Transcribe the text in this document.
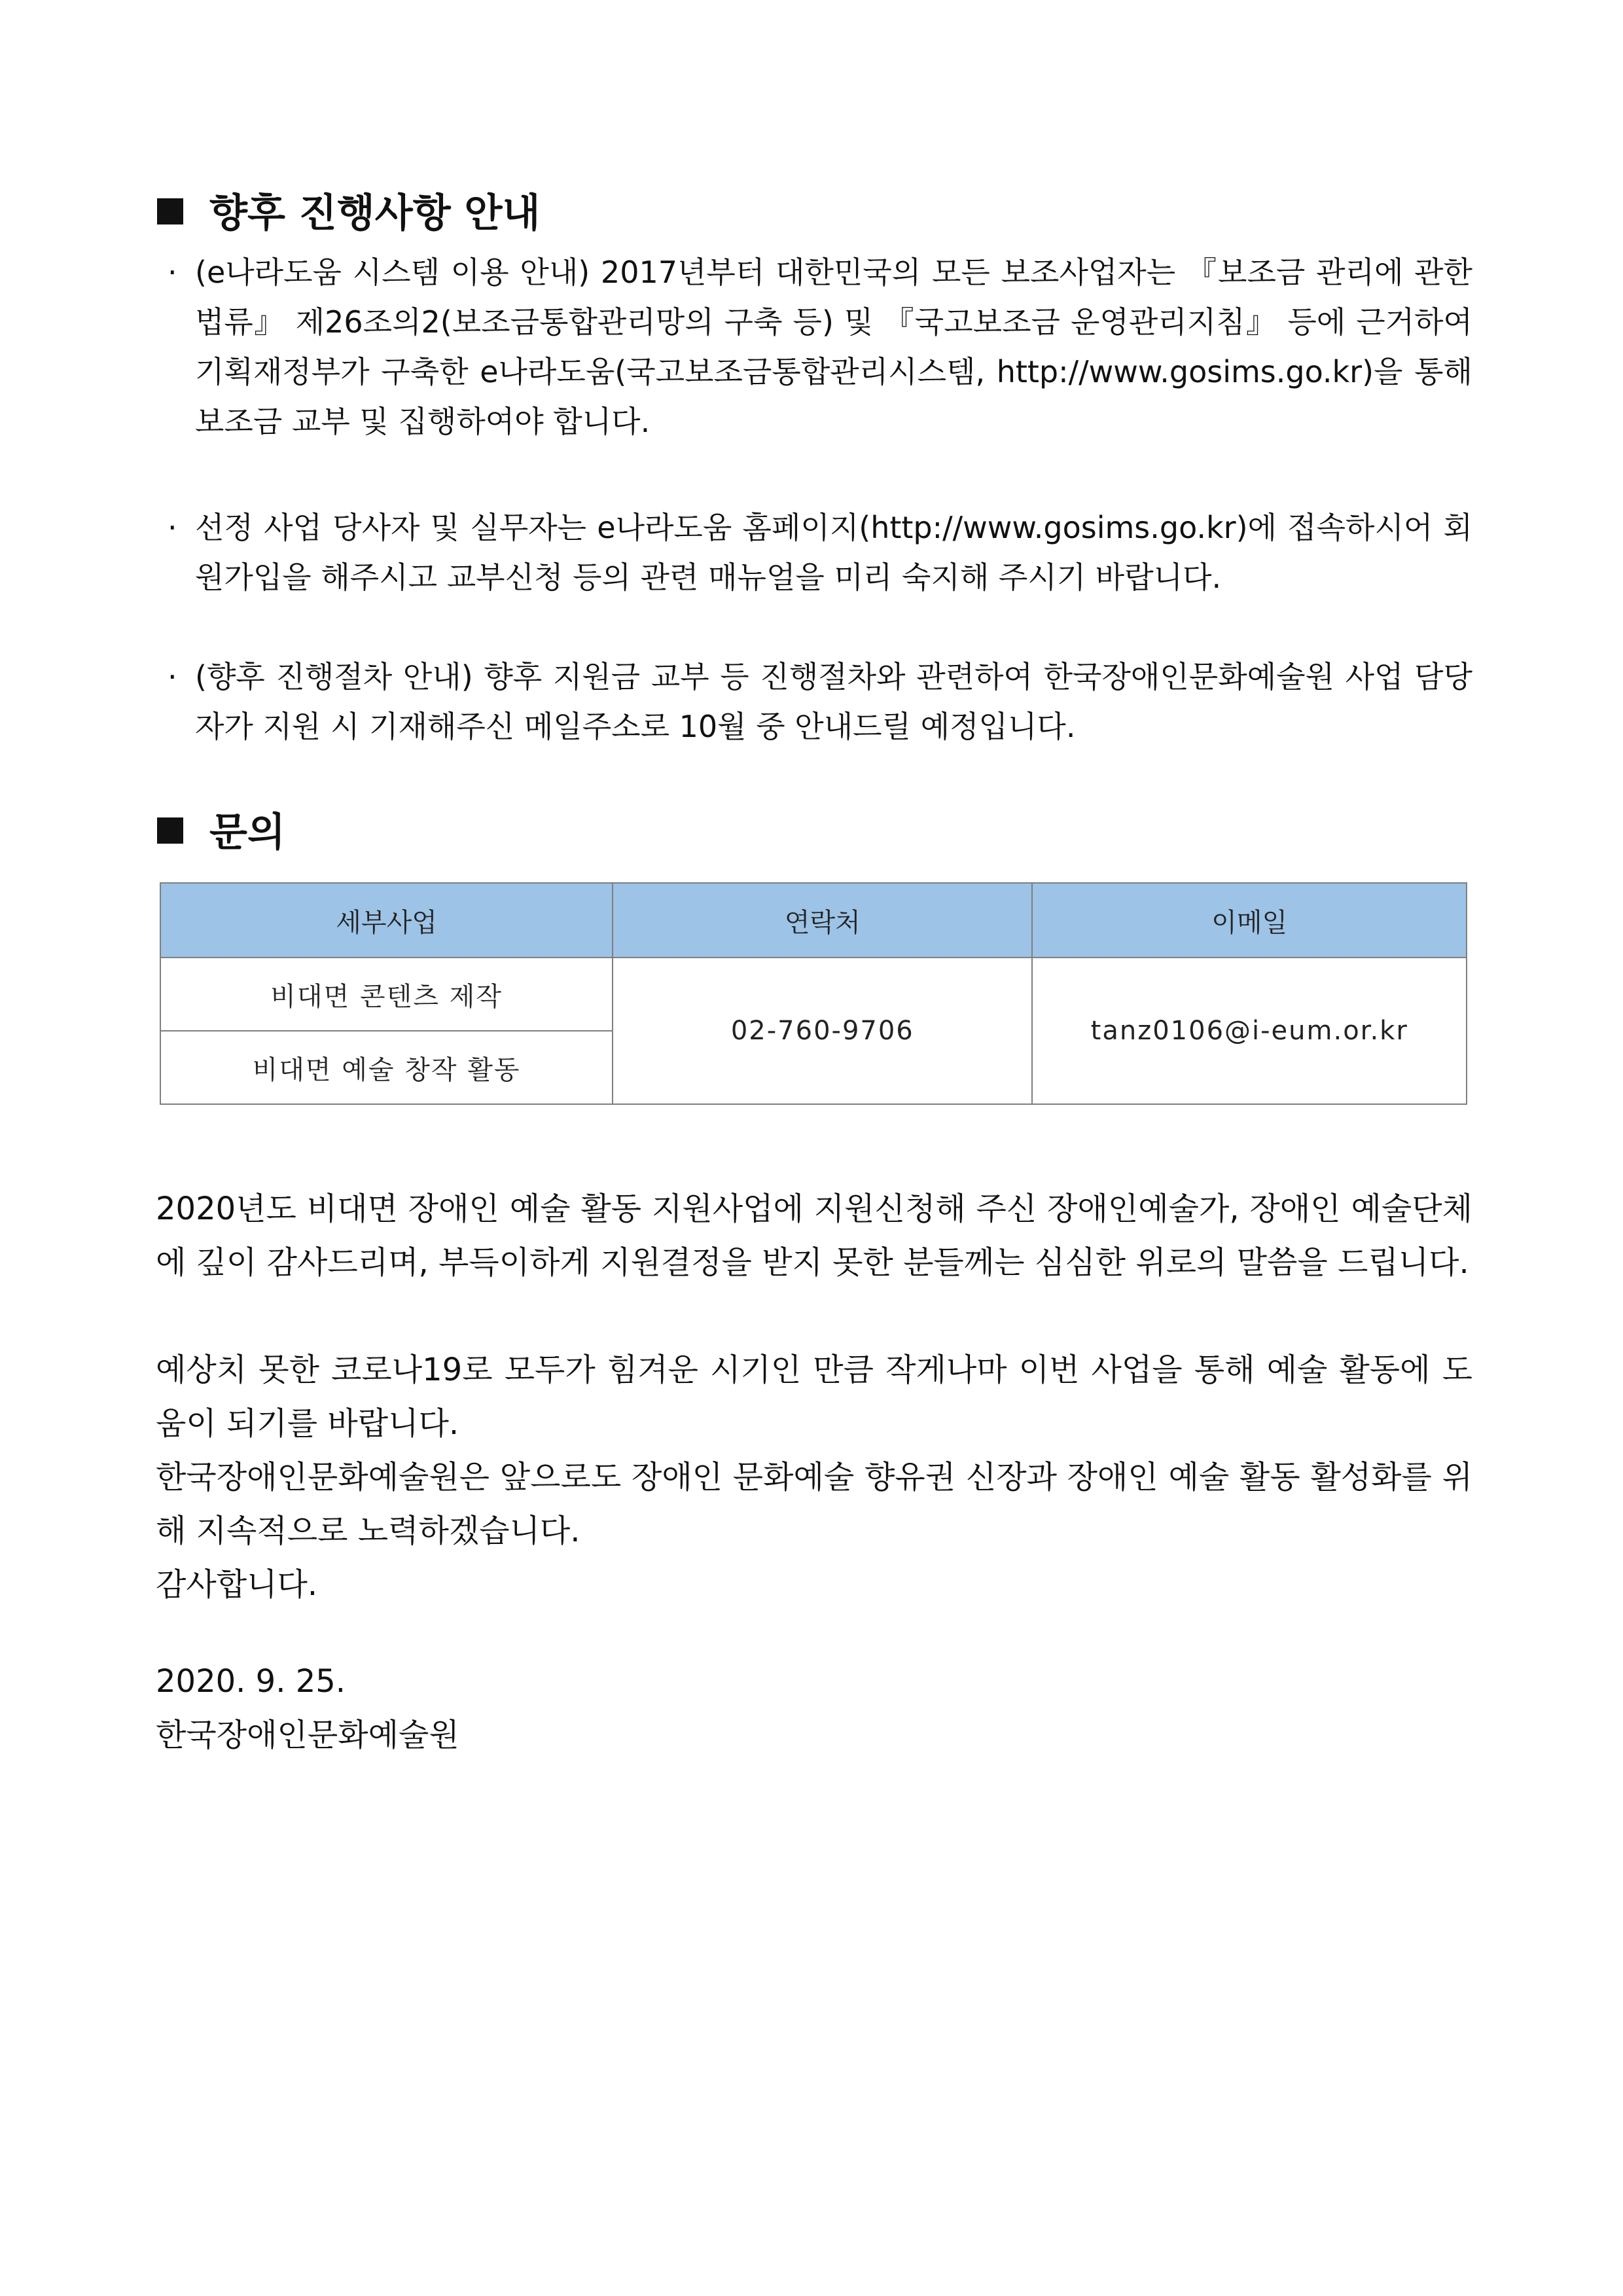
향후 진행사항 안내
· (e나라도움 시스템 이용 안내) 2017년부터 대한민국의 모든 보조사업자는 『보조금 관리에 관한 법류』 제26조의2(보조금통합관리망의 구축 등) 및 『국고보조금 운영관리지침』 등에 근거하여 기획재정부가 구축한 e나라도움(국고보조금통합관리시스템, http://www.gosims.go.kr)을 통해 보조금 교부 및 집행하여야 합니다.
· 선정 사업 당사자 및 실무자는 e나라도움 홈페이지(http://www.gosims.go.kr)에 접속하시어 회원가입을 해주시고 교부신청 등의 관련 매뉴얼을 미리 숙지해 주시기 바랍니다.
· (향후 진행절차 안내) 향후 지원금 교부 등 진행절차와 관련하여 한국장애인문화예술원 사업 담당자가 지원 시 기재해주신 메일주소로 10월 중 안내드릴 예정입니다.
문의
세부사업	연락처	이메일
비대면 콘텐츠 제작	02-760-9706	tanz0106@i-eum.or.kr
비대면 예술 창작 활동		
2020년도 비대면 장애인 예술 활동 지원사업에 지원신청해 주신 장애인예술가, 장애인 예술단체에 깊이 감사드리며, 부득이하게 지원결정을 받지 못한 분들께는 심심한 위로의 말씀을 드립니다.
예상치 못한 코로나19로 모두가 힘겨운 시기인 만큼 작게나마 이번 사업을 통해 예술 활동에 도움이 되기를 바랍니다.
한국장애인문화예술원은 앞으로도 장애인 문화예술 향유권 신장과 장애인 예술 활동 활성화를 위해 지속적으로 노력하겠습니다.
감사합니다.
2020. 9. 25.
한국장애인문화예술원
